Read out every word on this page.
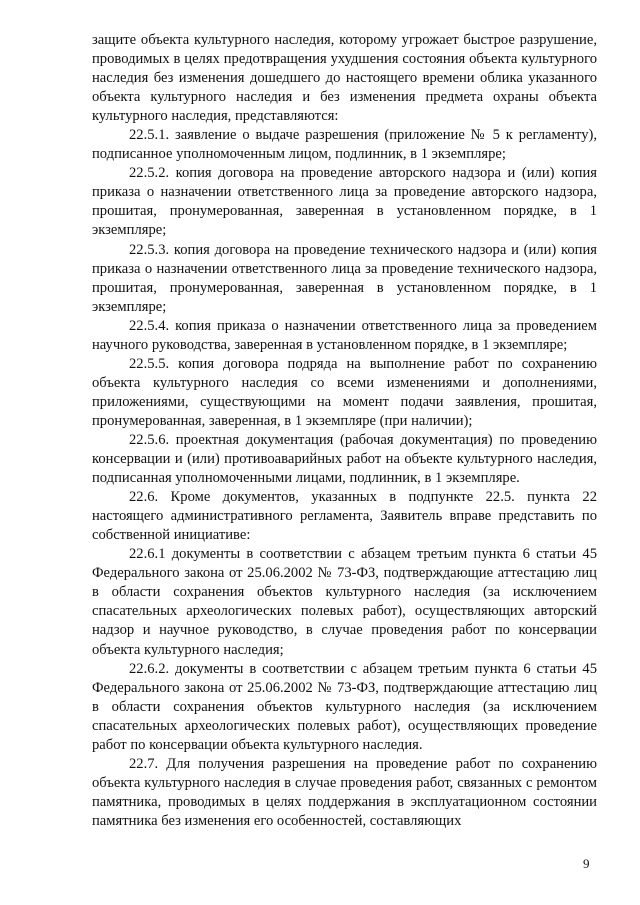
защите объекта культурного наследия, которому угрожает быстрое разрушение, проводимых в целях предотвращения ухудшения состояния объекта культурного наследия без изменения дошедшего до настоящего времени облика указанного объекта культурного наследия и без изменения предмета охраны объекта культурного наследия, представляются:

22.5.1. заявление о выдаче разрешения (приложение № 5 к регламенту), подписанное уполномоченным лицом, подлинник, в 1 экземпляре;

22.5.2. копия договора на проведение авторского надзора и (или) копия приказа о назначении ответственного лица за проведение авторского надзора, прошитая, пронумерованная, заверенная в установленном порядке, в 1 экземпляре;

22.5.3. копия договора на проведение технического надзора и (или) копия приказа о назначении ответственного лица за проведение технического надзора, прошитая, пронумерованная, заверенная в установленном порядке, в 1 экземпляре;

22.5.4. копия приказа о назначении ответственного лица за проведением научного руководства, заверенная в установленном порядке, в 1 экземпляре;

22.5.5. копия договора подряда на выполнение работ по сохранению объекта культурного наследия со всеми изменениями и дополнениями, приложениями, существующими на момент подачи заявления, прошитая, пронумерованная, заверенная, в 1 экземпляре (при наличии);

22.5.6. проектная документация (рабочая документация) по проведению консервации и (или) противоаварийных работ на объекте культурного наследия, подписанная уполномоченными лицами, подлинник, в 1 экземпляре.

22.6. Кроме документов, указанных в подпункте 22.5. пункта 22 настоящего административного регламента, Заявитель вправе представить по собственной инициативе:

22.6.1 документы в соответствии с абзацем третьим пункта 6 статьи 45 Федерального закона от 25.06.2002 № 73-ФЗ, подтверждающие аттестацию лиц в области сохранения объектов культурного наследия (за исключением спасательных археологических полевых работ), осуществляющих авторский надзор и научное руководство, в случае проведения работ по консервации объекта культурного наследия;

22.6.2. документы в соответствии с абзацем третьим пункта 6 статьи 45 Федерального закона от 25.06.2002 № 73-ФЗ, подтверждающие аттестацию лиц в области сохранения объектов культурного наследия (за исключением спасательных археологических полевых работ), осуществляющих проведение работ по консервации объекта культурного наследия.

22.7. Для получения разрешения на проведение работ по сохранению объекта культурного наследия в случае проведения работ, связанных с ремонтом памятника, проводимых в целях поддержания в эксплуатационном состоянии памятника без изменения его особенностей, составляющих

9
